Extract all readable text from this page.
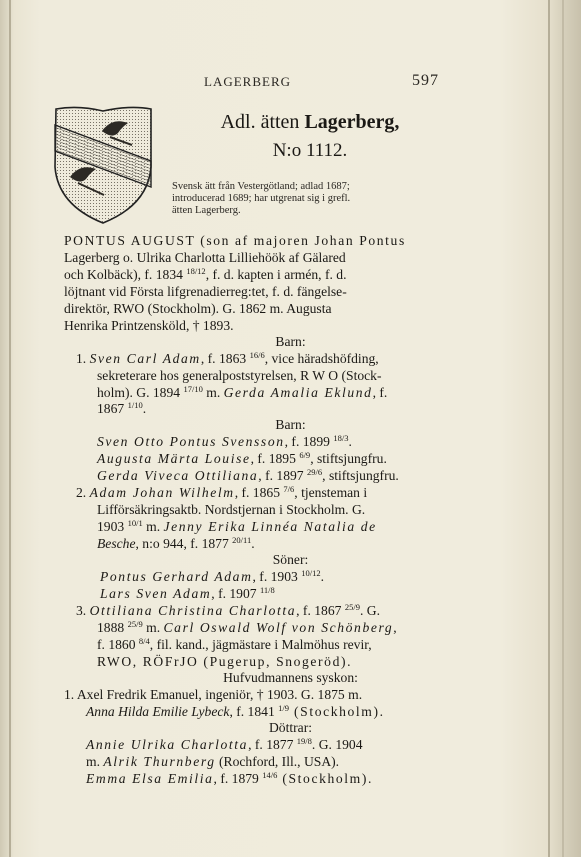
LAGERBERG	597
Adl. ätten Lagerberg,
N:o 1112.
Svensk ätt från Vestergötland; adlad 1687;
introducerad 1689; har utgrenat sig i grefl.
ätten Lagerberg.
PONTUS AUGUST (son af majoren Johan Pontus
Lagerberg o. Ulrika Charlotta Lilliehöök af Gälared
och Kolbäck), f. 1834 $^{18/12}$, f. d. kapten i armén, f. d.
löjtnant vid Första lifgrenadierreg:tet, f. d. fängelse-
direktör, RWO (Stockholm). G. 1862 m. Augusta
Henrika Printzensköld, † 1893.
Barn:
1. Sven Carl Adam, f. 1863 $^{16/6}$, vice häradshöfding,
sekreterare hos generalpoststyrelsen, R W O (Stock-
holm). G. 1894 $^{17/10}$ m. Gerda Amalia Eklund, f.
1867 $^{1/10}$.
Barn:
Sven Otto Pontus Svensson, f. 1899 $^{18/3}$.
Augusta Märta Louise, f. 1895 $^{6/9}$, stiftsjungfru.
Gerda Viveca Ottiliana, f. 1897 $^{29/6}$, stiftsjungfru.
2. Adam Johan Wilhelm, f. 1865 $^{7/6}$, tjensteman i
Lifförsäkringsaktb. Nordstjernan i Stockholm. G.
1903 $^{10/1}$ m. Jenny Erika Linnéa Natalia de
Besche, n:o 944, f. 1877 $^{20/11}$.
Söner:
Pontus Gerhard Adam, f. 1903 $^{10/12}$.
Lars Sven Adam, f. 1907 $^{11/8}$
3. Ottiliana Christina Charlotta, f. 1867 $^{25/9}$. G.
1888 $^{25/9}$ m. Carl Oswald Wolf von Schönberg,
f. 1860 $^{8/4}$, fil. kand., jägmästare i Malmöhus revir,
RWO, RÖFrJO (Pugerup, Snogeröd).
Hufvudmannens syskon:
1. Axel Fredrik Emanuel, ingeniör, † 1903. G. 1875 m.
Anna Hilda Emilie Lybeck, f. 1841 $^{1/9}$ (Stockholm).
Döttrar:
Annie Ulrika Charlotta, f. 1877 $^{19/8}$. G. 1904
m. Alrik Thurnberg (Rochford, Ill., USA).
Emma Elsa Emilia, f. 1879 $^{14/6}$ (Stockholm).
